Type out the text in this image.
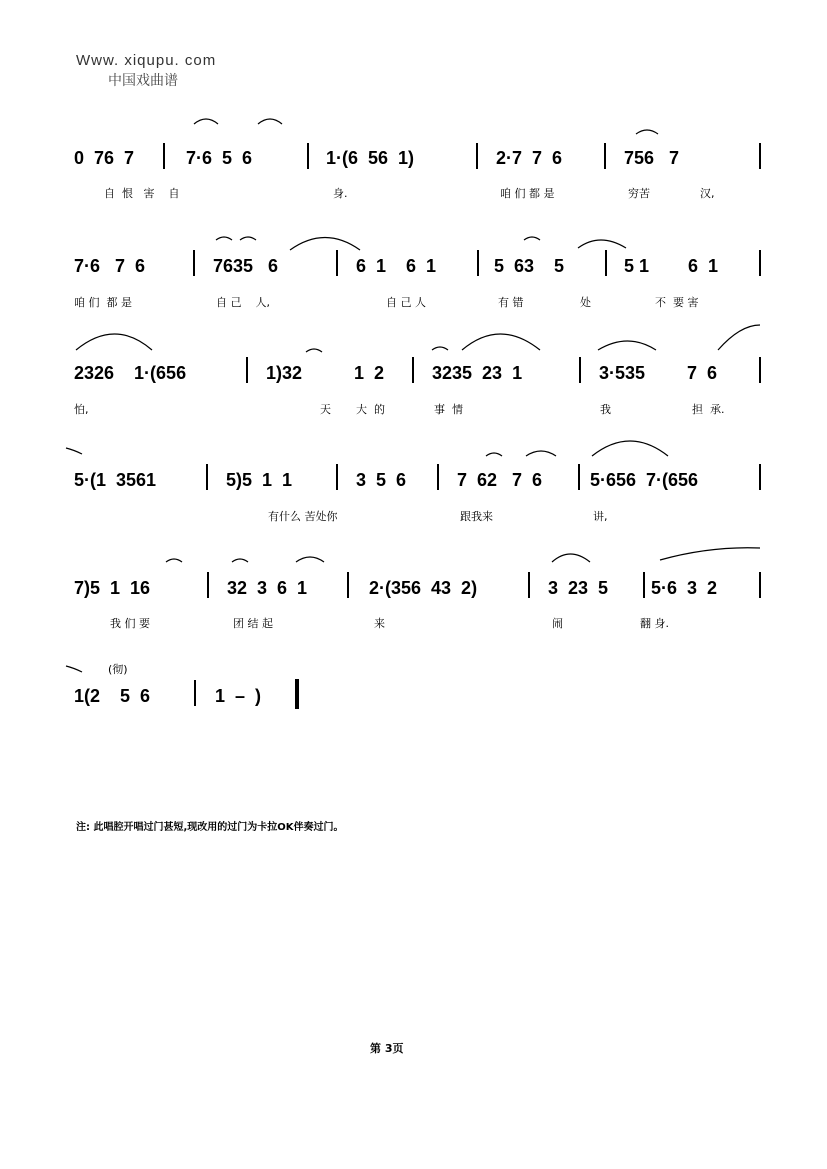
Www. xiqupu. com
中国戏曲谱
0  76  7	7·6  5  6	1·(6  56  1)	2·7  7  6	756   7
自  恨   害    自	身.	咱 们 都 是	穷苦	汉,
7·6   7  6	7635   6	6  1    6  1	5  63    5	5 1 6  1
咱 们  都 是	自 己    人,	自 己 人	有 错	处	不  要 害
2326    1·(656	1)32	1  2	3235  23  1	3·535 7  6
怕,	天 大  的	事  情	我	担  承.
5·(1  3561	5)5  1  1	3  5  6	7  62   7  6	5·656  7·(656
有什么 苦处你	跟我来	讲,
7)5  1  16	32  3  6  1	2·(356  43  2)	3  23  5 5·6  3  2
我 们 要	团 结 起	来	闹	翻 身.
(彻)
1(2    5  6	1  –  )
注: 此唱腔开唱过门甚短,现改用的过门为卡拉OK伴奏过门。
第 3页
